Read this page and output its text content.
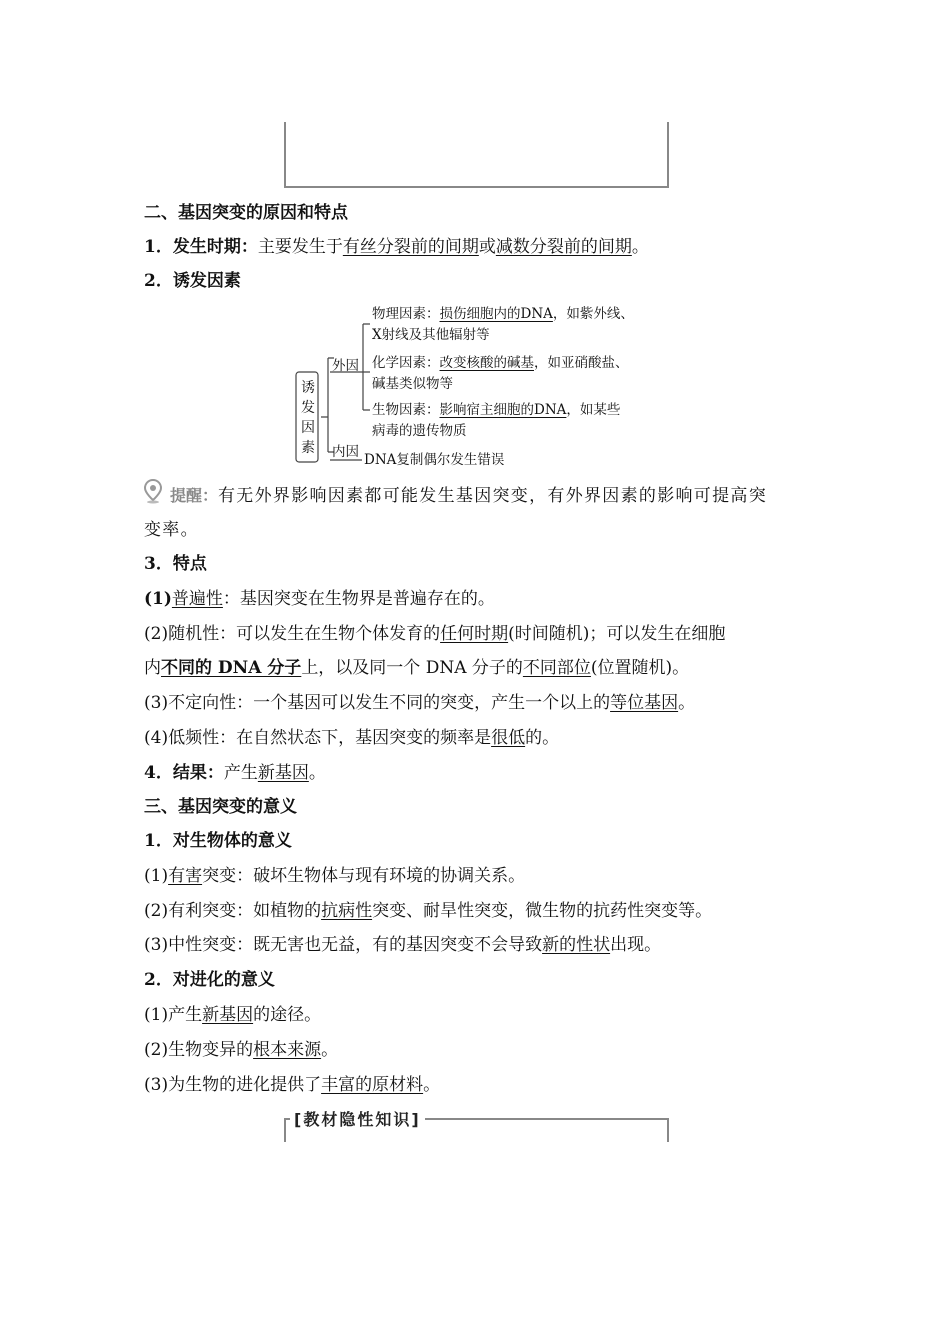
二、基因突变的原因和特点
1．发生时期：主要发生于有丝分裂前的间期或减数分裂前的间期。
2．诱发因素
诱发因素
外因
内因
物理因素：损伤细胞内的DNA，如紫外线、
X射线及其他辐射等
化学因素：改变核酸的碱基，如亚硝酸盐、
碱基类似物等
生物因素：影响宿主细胞的DNA，如某些
病毒的遗传物质
DNA复制偶尔发生错误
提醒： 有无外界影响因素都可能发生基因突变，有外界因素的影响可提高突
变率。
3．特点
(1)普遍性：基因突变在生物界是普遍存在的。
(2)随机性：可以发生在生物个体发育的任何时期(时间随机)；可以发生在细胞
内不同的 DNA 分子上，以及同一个 DNA 分子的不同部位(位置随机)。
(3)不定向性：一个基因可以发生不同的突变，产生一个以上的等位基因。
(4)低频性：在自然状态下，基因突变的频率是很低的。
4．结果：产生新基因。
三、基因突变的意义
1．对生物体的意义
(1)有害突变：破坏生物体与现有环境的协调关系。
(2)有利突变：如植物的抗病性突变、耐旱性突变，微生物的抗药性突变等。
(3)中性突变：既无害也无益，有的基因突变不会导致新的性状出现。
2．对进化的意义
(1)产生新基因的途径。
(2)生物变异的根本来源。
(3)为生物的进化提供了丰富的原材料。
[教材隐性知识]
